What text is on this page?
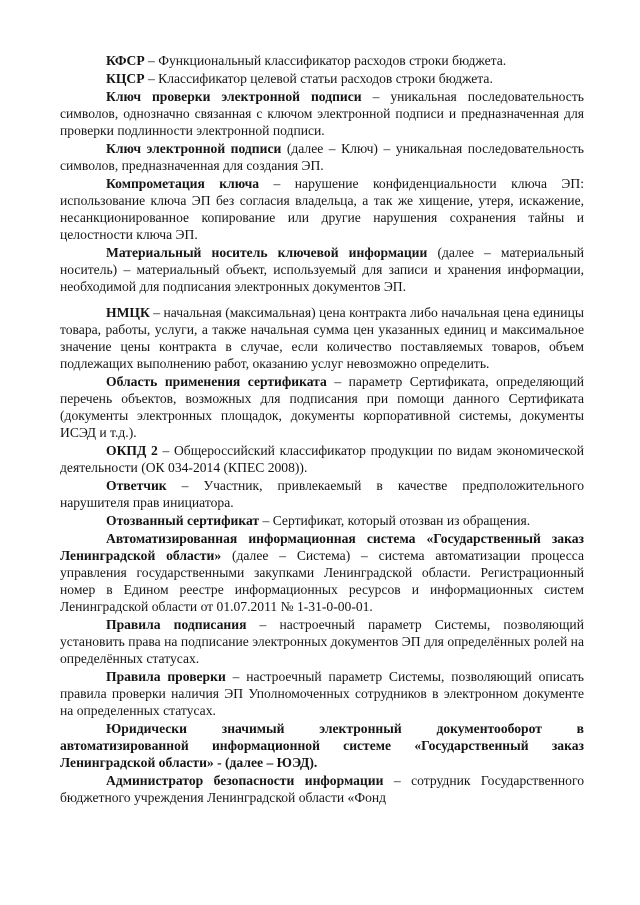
КФСР – Функциональный классификатор расходов строки бюджета.

КЦСР – Классификатор целевой статьи расходов строки бюджета.

Ключ проверки электронной подписи – уникальная последовательность символов, однозначно связанная с ключом электронной подписи и предназначенная для проверки подлинности электронной подписи.

Ключ электронной подписи (далее – Ключ) – уникальная последовательность символов, предназначенная для создания ЭП.

Компрометация ключа – нарушение конфиденциальности ключа ЭП: использование ключа ЭП без согласия владельца, а так же хищение, утеря, искажение, несанкционированное копирование или другие нарушения сохранения тайны и целостности ключа ЭП.

Материальный носитель ключевой информации (далее – материальный носитель) – материальный объект, используемый для записи и хранения информации, необходимой для подписания электронных документов ЭП.

НМЦК – начальная (максимальная) цена контракта либо начальная цена единицы товара, работы, услуги, а также начальная сумма цен указанных единиц и максимальное значение цены контракта в случае, если количество поставляемых товаров, объем подлежащих выполнению работ, оказанию услуг невозможно определить.

Область применения сертификата – параметр Сертификата, определяющий перечень объектов, возможных для подписания при помощи данного Сертификата (документы электронных площадок, документы корпоративной системы, документы ИСЭД и т.д.).

ОКПД 2 – Общероссийский классификатор продукции по видам экономической деятельности (ОК 034-2014 (КПЕС 2008)).

Ответчик – Участник, привлекаемый в качестве предположительного нарушителя прав инициатора.

Отозванный сертификат – Сертификат, который отозван из обращения.

Автоматизированная информационная система «Государственный заказ Ленинградской области» (далее – Система) – система автоматизации процесса управления государственными закупками Ленинградской области. Регистрационный номер в Едином реестре информационных ресурсов и информационных систем Ленинградской области от 01.07.2011 № 1-31-0-00-01.

Правила подписания – настроечный параметр Системы, позволяющий установить права на подписание электронных документов ЭП для определённых ролей на определённых статусах.

Правила проверки – настроечный параметр Системы, позволяющий описать правила проверки наличия ЭП Уполномоченных сотрудников в электронном документе на определенных статусах.

Юридически значимый электронный документооборот в автоматизированной информационной системе «Государственный заказ Ленинградской области» - (далее – ЮЭД).

Администратор безопасности информации – сотрудник Государственного бюджетного учреждения Ленинградской области «Фонд
